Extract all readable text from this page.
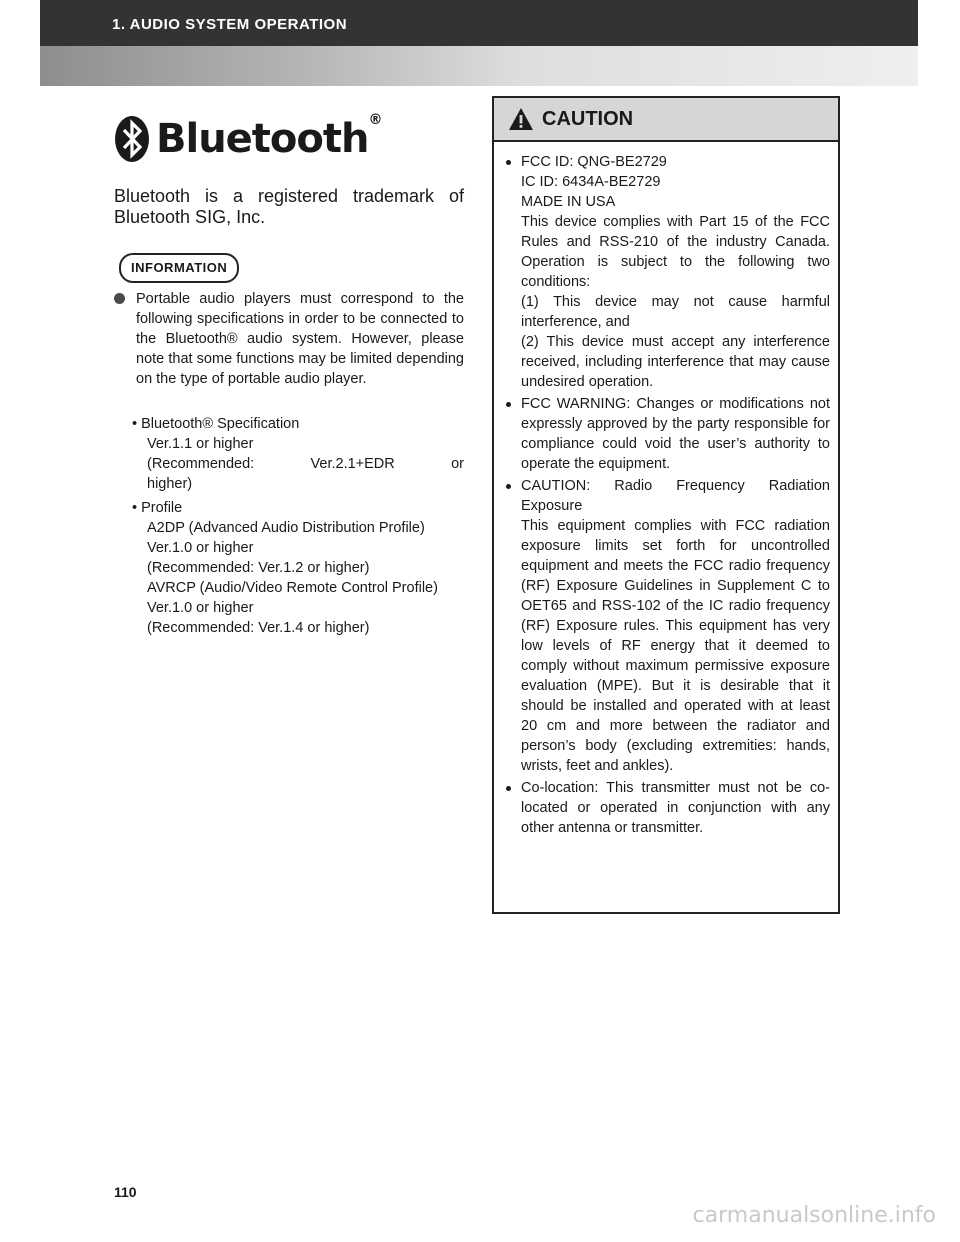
1. AUDIO SYSTEM OPERATION
Bluetooth®
Bluetooth is a registered trademark of Bluetooth SIG, Inc.
INFORMATION
Portable audio players must correspond to the following specifications in order to be connected to the Bluetooth® audio system. However, please note that some functions may be limited depending on the type of portable audio player.
• Bluetooth® Specification
Ver.1.1 or higher
(Recommended:	Ver.2.1+EDR	or
higher)
• Profile
A2DP (Advanced Audio Distribution Profile)
Ver.1.0 or higher
(Recommended: Ver.1.2 or higher)
AVRCP (Audio/Video Remote Control Profile)
Ver.1.0 or higher
(Recommended: Ver.1.4 or higher)
CAUTION
FCC ID: QNG-BE2729
IC ID: 6434A-BE2729
MADE IN USA
This device complies with Part 15 of the FCC Rules and RSS-210 of the industry Canada. Operation is subject to the following two conditions:
(1) This device may not cause harmful interference, and
(2) This device must accept any interference received, including interference that may cause undesired operation.
FCC WARNING: Changes or modifications not expressly approved by the party responsible for compliance could void the user’s authority to operate the equipment.
CAUTION: Radio Frequency Radiation Exposure
This equipment complies with FCC radiation exposure limits set forth for uncontrolled equipment and meets the FCC radio frequency (RF) Exposure Guidelines in Supplement C to OET65 and RSS-102 of the IC radio frequency (RF) Exposure rules. This equipment has very low levels of RF energy that it deemed to comply without maximum permissive exposure evaluation (MPE). But it is desirable that it should be installed and operated with at least 20 cm and more between the radiator and person’s body (excluding extremities: hands, wrists, feet and ankles).
Co-location: This transmitter must not be co-located or operated in conjunction with any other antenna or transmitter.
110
carmanualsonline.info
